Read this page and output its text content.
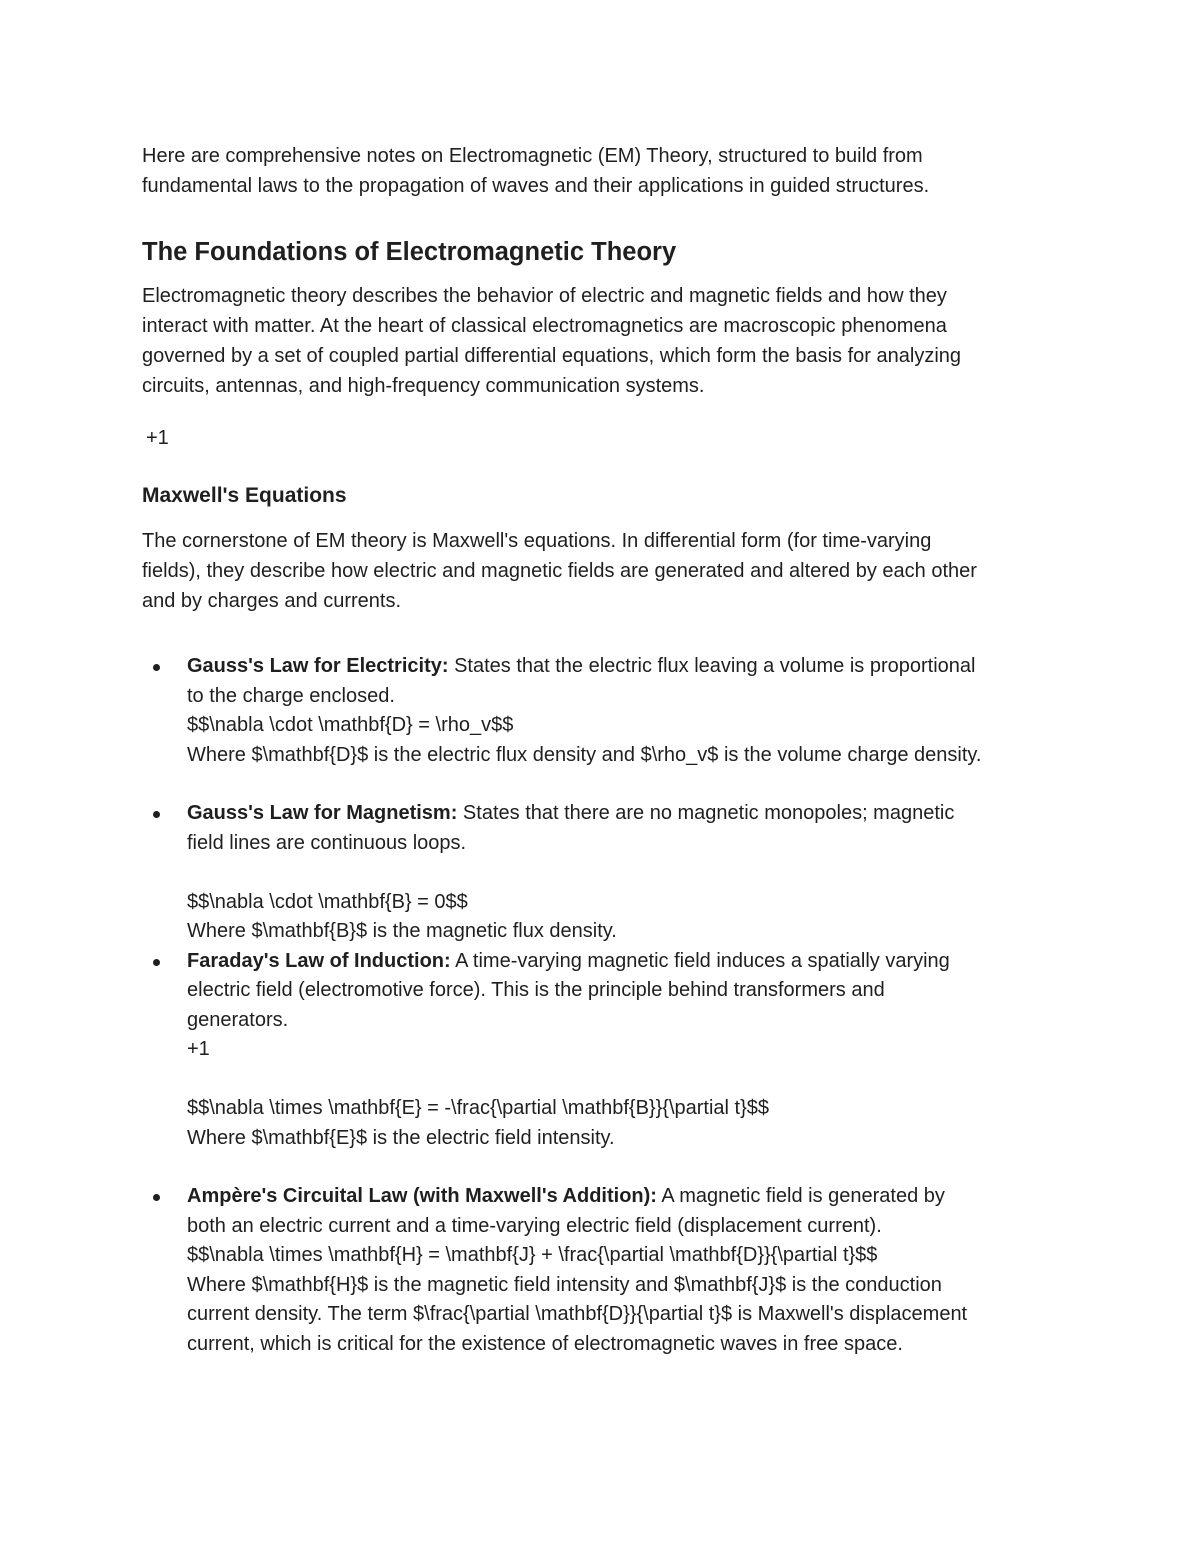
Here are comprehensive notes on Electromagnetic (EM) Theory, structured to build from
fundamental laws to the propagation of waves and their applications in guided structures.

The Foundations of Electromagnetic Theory

Electromagnetic theory describes the behavior of electric and magnetic fields and how they
interact with matter. At the heart of classical electromagnetics are macroscopic phenomena
governed by a set of coupled partial differential equations, which form the basis for analyzing
circuits, antennas, and high-frequency communication systems.

+1

Maxwell's Equations

The cornerstone of EM theory is Maxwell's equations. In differential form (for time-varying
fields), they describe how electric and magnetic fields are generated and altered by each other
and by charges and currents.

Gauss's Law for Electricity: States that the electric flux leaving a volume is proportional
to the charge enclosed.
$$\nabla \cdot \mathbf{D} = \rho_v$$
Where $\mathbf{D}$ is the electric flux density and $\rho_v$ is the volume charge density.
Gauss's Law for Magnetism: States that there are no magnetic monopoles; magnetic
field lines are continuous loops.
$$\nabla \cdot \mathbf{B} = 0$$
Where $\mathbf{B}$ is the magnetic flux density.
Faraday's Law of Induction: A time-varying magnetic field induces a spatially varying
electric field (electromotive force). This is the principle behind transformers and
generators.
+1
$$\nabla \times \mathbf{E} = -\frac{\partial \mathbf{B}}{\partial t}$$
Where $\mathbf{E}$ is the electric field intensity.
Ampère's Circuital Law (with Maxwell's Addition): A magnetic field is generated by
both an electric current and a time-varying electric field (displacement current).
$$\nabla \times \mathbf{H} = \mathbf{J} + \frac{\partial \mathbf{D}}{\partial t}$$
Where $\mathbf{H}$ is the magnetic field intensity and $\mathbf{J}$ is the conduction
current density. The term $\frac{\partial \mathbf{D}}{\partial t}$ is Maxwell's displacement
current, which is critical for the existence of electromagnetic waves in free space.
